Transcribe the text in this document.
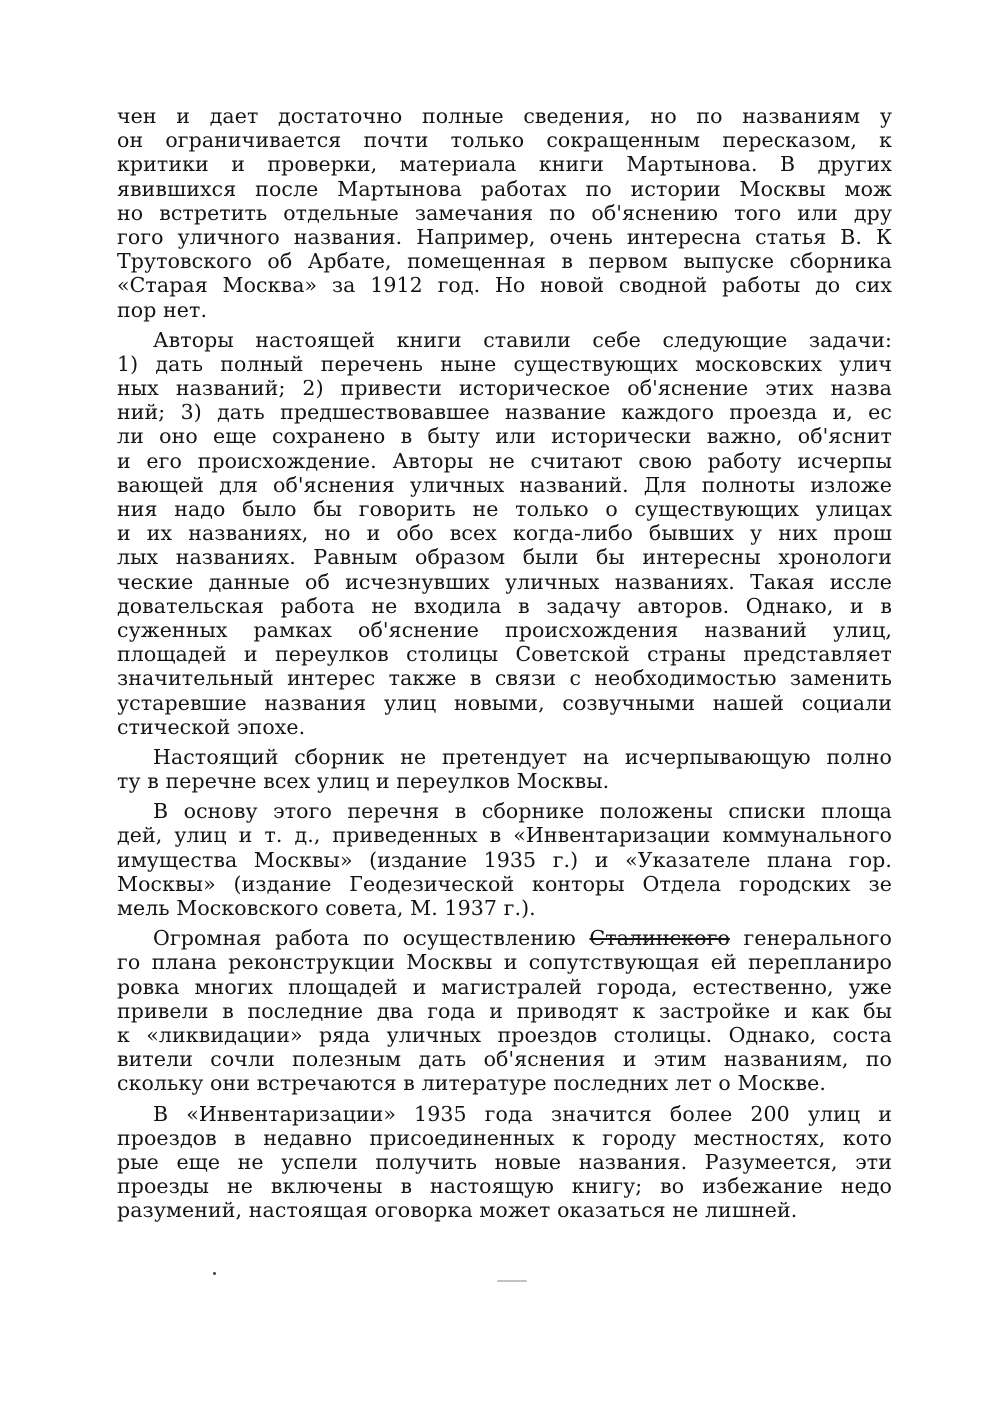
чен и дает достаточно полные сведения, но по названиям у
он ограничивается почти только сокращенным пересказом, к
критики и проверки, материала книги Мартынова. В других
явившихся после Мартынова работах по истории Москвы мож
но встретить отдельные замечания по об'яснению того или дру
гого уличного названия. Например, очень интересна статья В. К
Трутовского об Арбате, помещенная в первом выпуске сборника
«Старая Москва» за 1912 год. Но новой сводной работы до сих
пор нет.
Авторы настоящей книги ставили себе следующие задачи:
1) дать полный перечень ныне существующих московских улич
ных названий; 2) привести историческое об'яснение этих назва
ний; 3) дать предшествовавшее название каждого проезда и, ес
ли оно еще сохранено в быту или исторически важно, об'яснит
и его происхождение. Авторы не считают свою работу исчерпы
вающей для об'яснения уличных названий. Для полноты изложе
ния надо было бы говорить не только о существующих улицах
и их названиях, но и обо всех когда-либо бывших у них прош
лых названиях. Равным образом были бы интересны хронологи
ческие данные об исчезнувших уличных названиях. Такая иссле
довательская работа не входила в задачу авторов. Однако, и в
суженных рамках об'яснение происхождения названий улиц,
площадей и переулков столицы Советской страны представляет
значительный интерес также в связи с необходимостью заменить
устаревшие названия улиц новыми, созвучными нашей социали
стической эпохе.
Настоящий сборник не претендует на исчерпывающую полно
ту в перечне всех улиц и переулков Москвы.
В основу этого перечня в сборнике положены списки площа
дей, улиц и т. д., приведенных в «Инвентаризации коммунального
имущества Москвы» (издание 1935 г.) и «Указателе плана гор.
Москвы» (издание Геодезической конторы Отдела городских зе
мель Московского совета, М. 1937 г.).
Огромная работа по осуществлению Сталинского генерального
го плана реконструкции Москвы и сопутствующая ей перепланиро
ровка многих площадей и магистралей города, естественно, уже
привели в последние два года и приводят к застройке и как бы
к «ликвидации» ряда уличных проездов столицы. Однако, соста
вители сочли полезным дать об'яснения и этим названиям, по
скольку они встречаются в литературе последних лет о Москве.
В «Инвентаризации» 1935 года значится более 200 улиц и
проездов в недавно присоединенных к городу местностях, кото
рые еще не успели получить новые названия. Разумеется, эти
проезды не включены в настоящую книгу; во избежание недо
разумений, настоящая оговорка может оказаться не лишней.
